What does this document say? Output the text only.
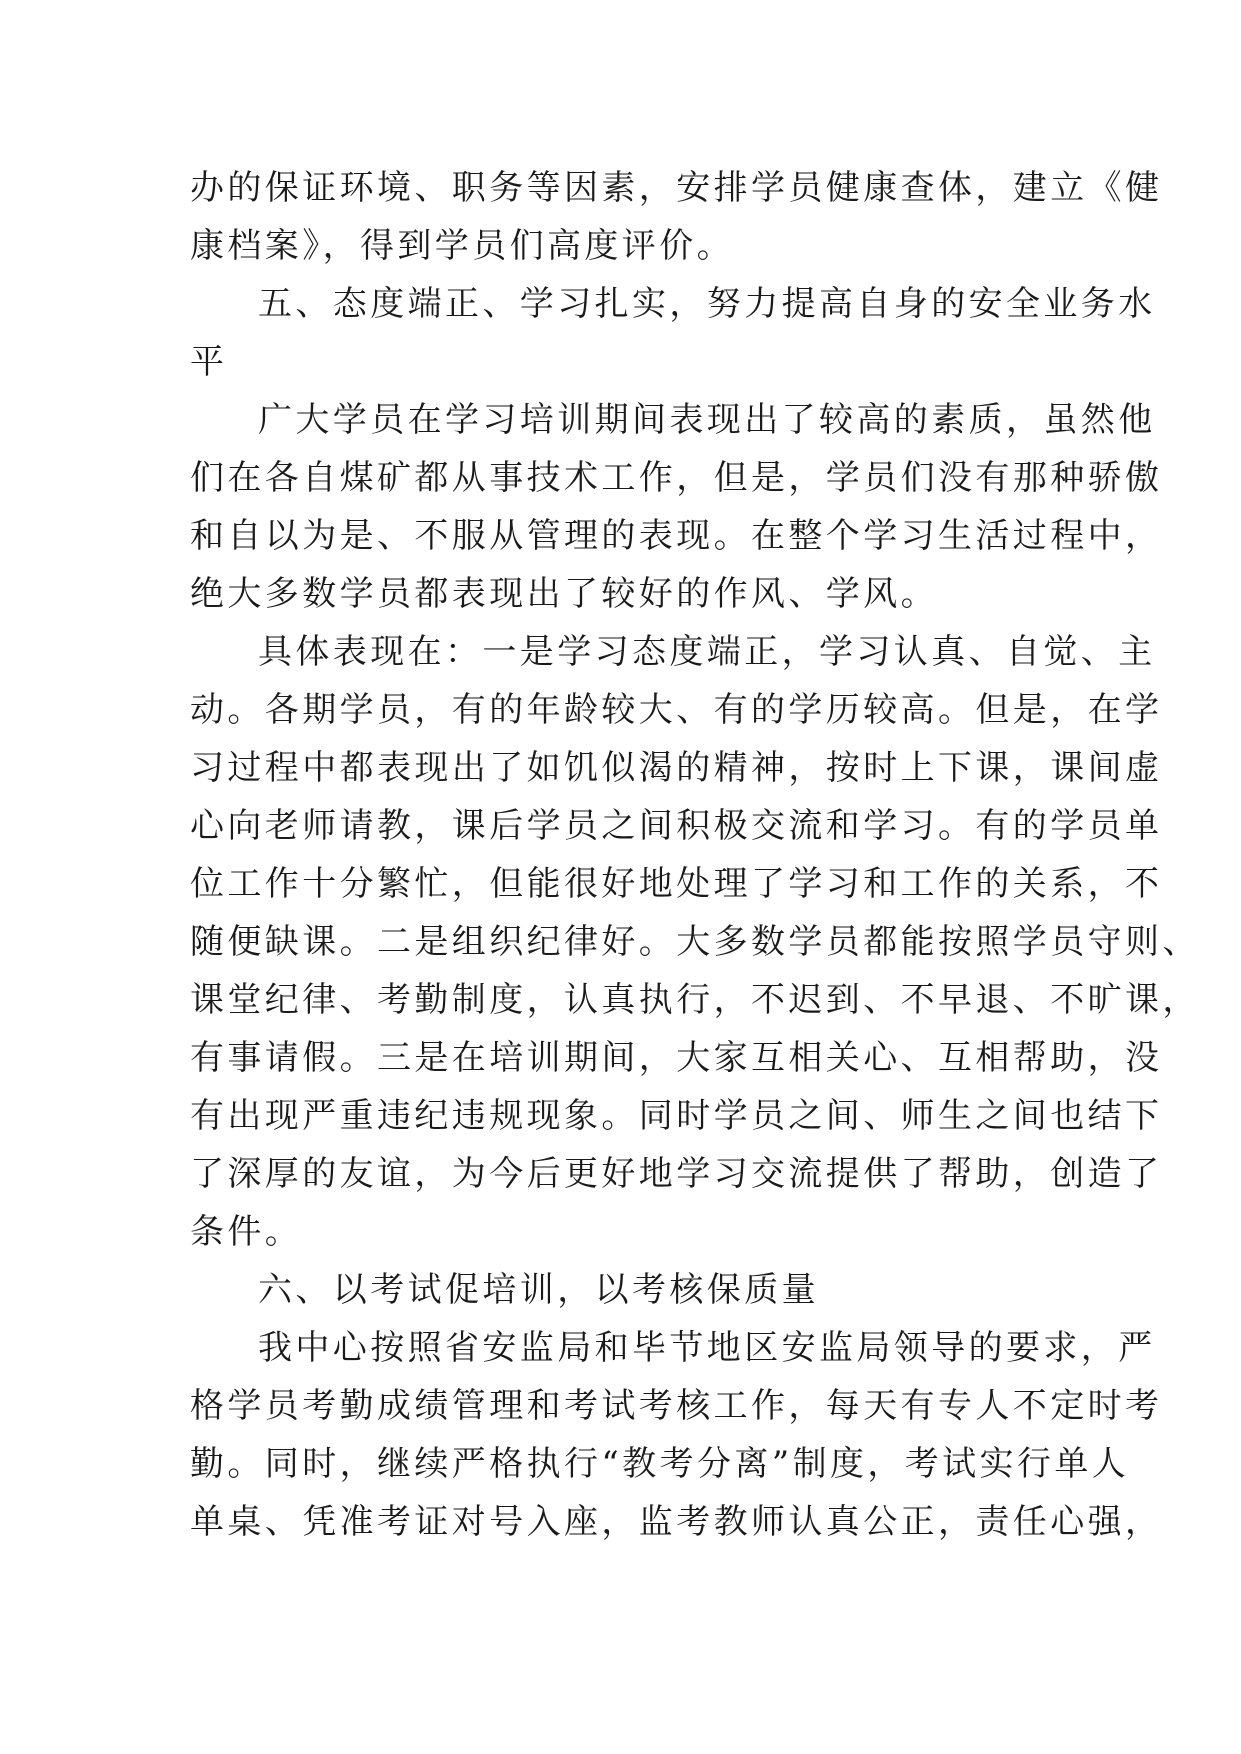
办的保证环境、职务等因素，安排学员健康查体，建立《健

康档案》，得到学员们高度评价。

五、态度端正、学习扎实，努力提高自身的安全业务水

平

广大学员在学习培训期间表现出了较高的素质，虽然他

们在各自煤矿都从事技术工作，但是，学员们没有那种骄傲

和自以为是、不服从管理的表现。在整个学习生活过程中，

绝大多数学员都表现出了较好的作风、学风。

具体表现在：一是学习态度端正，学习认真、自觉、主

动。各期学员，有的年龄较大、有的学历较高。但是，在学

习过程中都表现出了如饥似渴的精神，按时上下课，课间虚

心向老师请教，课后学员之间积极交流和学习。有的学员单

位工作十分繁忙，但能很好地处理了学习和工作的关系，不

随便缺课。二是组织纪律好。大多数学员都能按照学员守则、

课堂纪律、考勤制度，认真执行，不迟到、不早退、不旷课，

有事请假。三是在培训期间，大家互相关心、互相帮助，没

有出现严重违纪违规现象。同时学员之间、师生之间也结下

了深厚的友谊，为今后更好地学习交流提供了帮助，创造了

条件。

六、以考试促培训，以考核保质量

我中心按照省安监局和毕节地区安监局领导的要求，严

格学员考勤成绩管理和考试考核工作，每天有专人不定时考

勤。同时，继续严格执行“教考分离”制度，考试实行单人

单桌、凭准考证对号入座，监考教师认真公正，责任心强，
